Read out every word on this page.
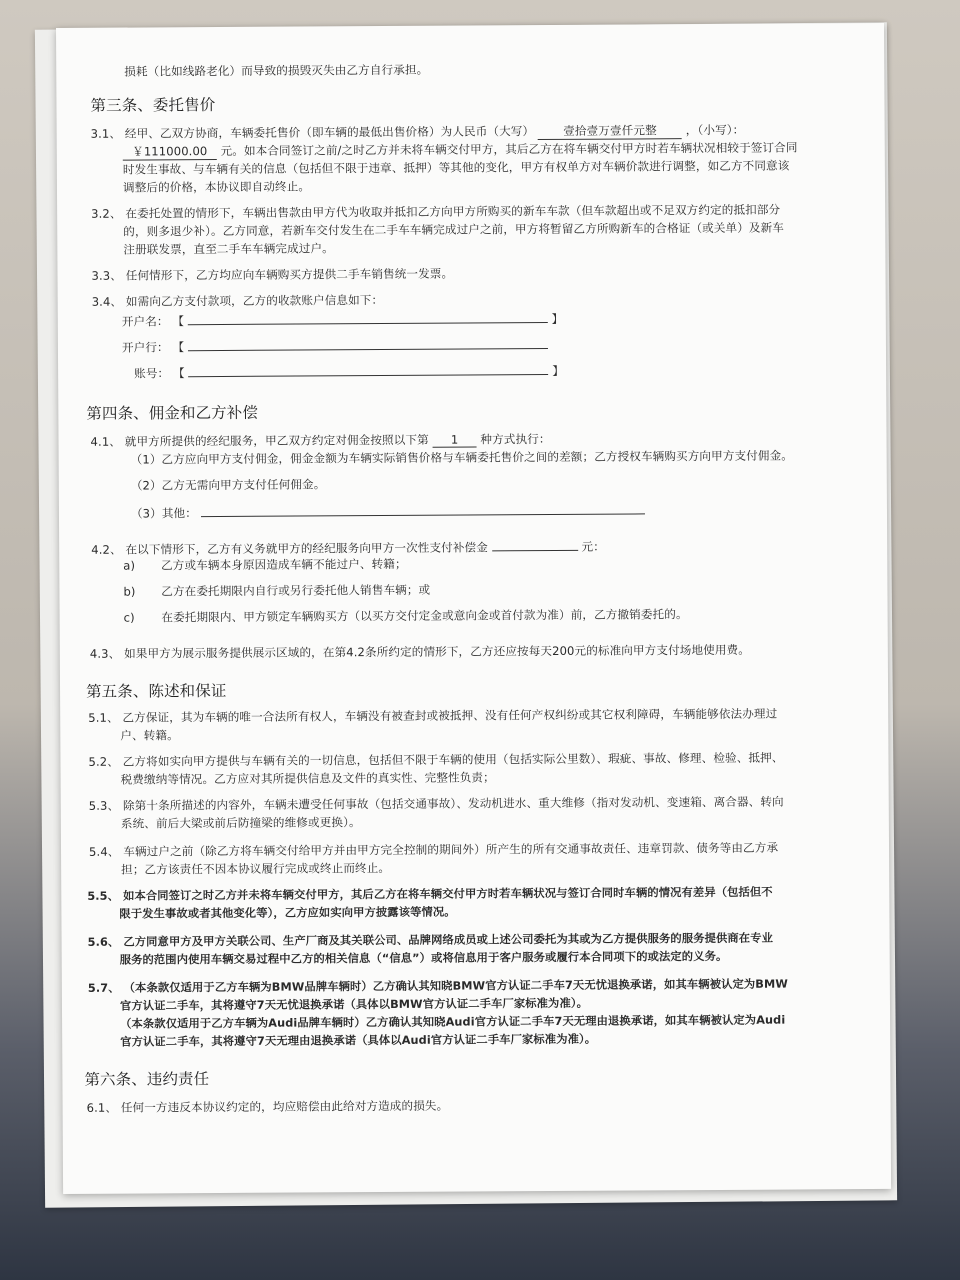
损耗（比如线路老化）而导致的损毁灭失由乙方自行承担。
第三条、委托售价
3.1、 经甲、乙双方协商，车辆委托售价（即车辆的最低出售价格）为人民币（大写） 壹拾壹万壹仟元整 ，（小写）：
￥111000.00 元。如本合同签订之前/之时乙方并未将车辆交付甲方，其后乙方在将车辆交付甲方时若车辆状况相较于签订合同
时发生事故、与车辆有关的信息（包括但不限于违章、抵押）等其他的变化，甲方有权单方对车辆价款进行调整，如乙方不同意该
调整后的价格，本协议即自动终止。
3.2、 在委托处置的情形下，车辆出售款由甲方代为收取并抵扣乙方向甲方所购买的新车车款（但车款超出或不足双方约定的抵扣部分
的，则多退少补）。乙方同意，若新车交付发生在二手车车辆完成过户之前，甲方将暂留乙方所购新车的合格证（或关单）及新车
注册联发票，直至二手车车辆完成过户。
3.3、 任何情形下，乙方均应向车辆购买方提供二手车销售统一发票。
3.4、 如需向乙方支付款项，乙方的收款账户信息如下：
开户名： 【	】
开户行： 【
账号： 【	】
第四条、佣金和乙方补偿
4.1、 就甲方所提供的经纪服务，甲乙双方约定对佣金按照以下第 1 种方式执行：
（1）乙方应向甲方支付佣金，佣金金额为车辆实际销售价格与车辆委托售价之间的差额；乙方授权车辆购买方向甲方支付佣金。
（2）乙方无需向甲方支付任何佣金。
（3）其他：
4.2、 在以下情形下，乙方有义务就甲方的经纪服务向甲方一次性支付补偿金	元：
a) 乙方或车辆本身原因造成车辆不能过户、转籍；
b) 乙方在委托期限内自行或另行委托他人销售车辆；或
c) 在委托期限内、甲方锁定车辆购买方（以买方交付定金或意向金或首付款为准）前，乙方撤销委托的。
4.3、 如果甲方为展示服务提供展示区域的，在第4.2条所约定的情形下，乙方还应按每天200元的标准向甲方支付场地使用费。
第五条、陈述和保证
5.1、 乙方保证，其为车辆的唯一合法所有权人，车辆没有被查封或被抵押、没有任何产权纠纷或其它权利障碍，车辆能够依法办理过
户、转籍。
5.2、 乙方将如实向甲方提供与车辆有关的一切信息，包括但不限于车辆的使用（包括实际公里数）、瑕疵、事故、修理、检验、抵押、
税费缴纳等情况。乙方应对其所提供信息及文件的真实性、完整性负责；
5.3、 除第十条所描述的内容外，车辆未遭受任何事故（包括交通事故）、发动机进水、重大维修（指对发动机、变速箱、离合器、转向
系统、前后大梁或前后防撞梁的维修或更换）。
5.4、 车辆过户之前（除乙方将车辆交付给甲方并由甲方完全控制的期间外）所产生的所有交通事故责任、违章罚款、债务等由乙方承
担；乙方该责任不因本协议履行完成或终止而终止。
5.5、 如本合同签订之时乙方并未将车辆交付甲方，其后乙方在将车辆交付甲方时若车辆状况与签订合同时车辆的情况有差异（包括但不
限于发生事故或者其他变化等），乙方应如实向甲方披露该等情况。
5.6、 乙方同意甲方及甲方关联公司、生产厂商及其关联公司、品牌网络成员或上述公司委托为其或为乙方提供服务的服务提供商在专业
服务的范围内使用车辆交易过程中乙方的相关信息（“信息”）或将信息用于客户服务或履行本合同项下的或法定的义务。
5.7、 （本条款仅适用于乙方车辆为BMW品牌车辆时）乙方确认其知晓BMW官方认证二手车7天无忧退换承诺，如其车辆被认定为BMW
官方认证二手车，其将遵守7天无忧退换承诺（具体以BMW官方认证二手车厂家标准为准）。
（本条款仅适用于乙方车辆为Audi品牌车辆时）乙方确认其知晓Audi官方认证二手车7天无理由退换承诺，如其车辆被认定为Audi
官方认证二手车，其将遵守7天无理由退换承诺（具体以Audi官方认证二手车厂家标准为准）。
第六条、违约责任
6.1、 任何一方违反本协议约定的，均应赔偿由此给对方造成的损失。
